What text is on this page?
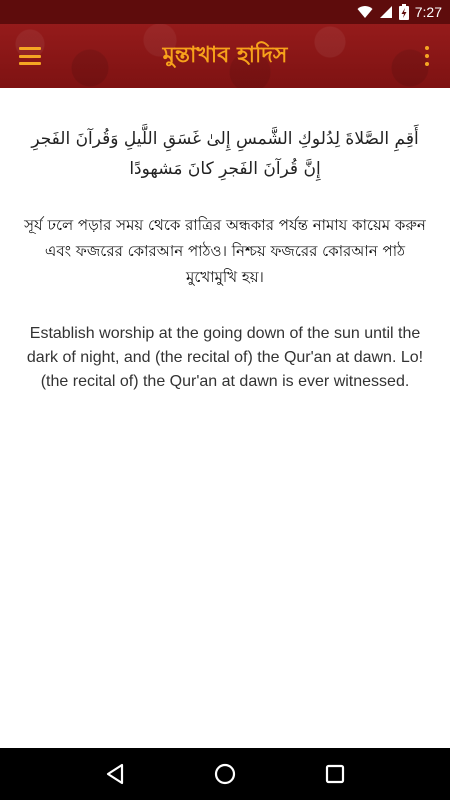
7:27
মুন্তাখাব হাদিস

أَقِمِ الصَّلاةَ لِدُلوكِ الشَّمسِ إِلىٰ غَسَقِ اللَّيلِ وَقُرآنَ الفَجرِ إِنَّ قُرآنَ الفَجرِ كانَ مَشهودًا

সূর্য ঢলে পড়ার সময় থেকে রাত্রির অন্ধকার পর্যন্ত নামায কায়েম করুন এবং ফজরের কোরআন পাঠও। নিশ্চয় ফজরের কোরআন পাঠ মুখোমুখি হয়।

Establish worship at the going down of the sun until the dark of night, and (the recital of) the Qur'an at dawn. Lo! (the recital of) the Qur'an at dawn is ever witnessed.
